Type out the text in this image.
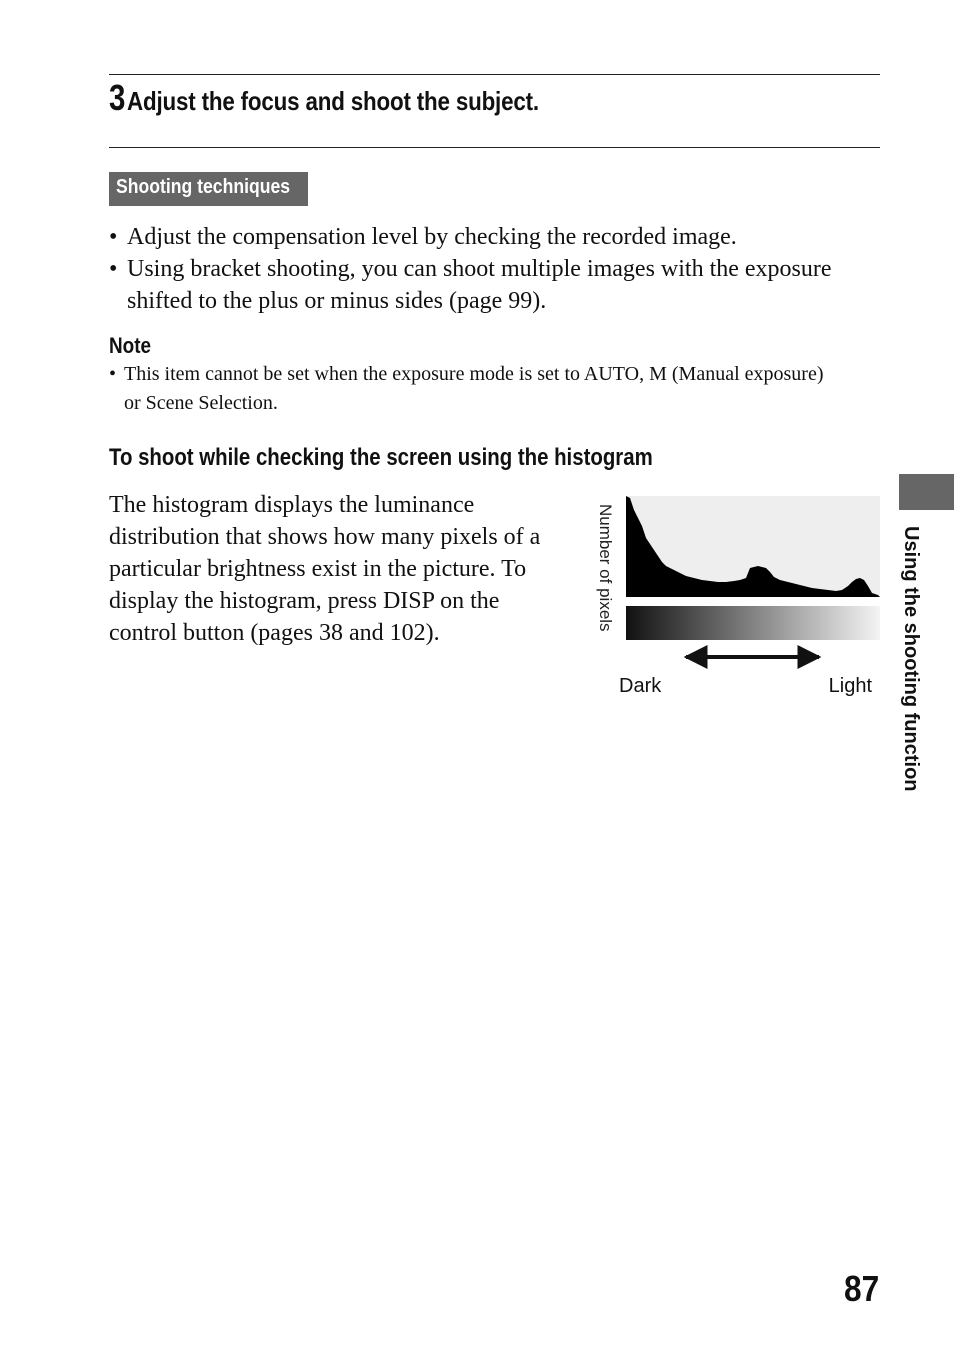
3 Adjust the focus and shoot the subject.
Shooting techniques
• Adjust the compensation level by checking the recorded image.
• Using bracket shooting, you can shoot multiple images with the exposure shifted to the plus or minus sides (page 99).
Note
• This item cannot be set when the exposure mode is set to AUTO, M (Manual exposure) or Scene Selection.
To shoot while checking the screen using the histogram

The histogram displays the luminance distribution that shows how many pixels of a particular brightness exist in the picture. To display the histogram, press DISP on the control button (pages 38 and 102).

Number of pixels
Dark	Light Using the shooting function
87
